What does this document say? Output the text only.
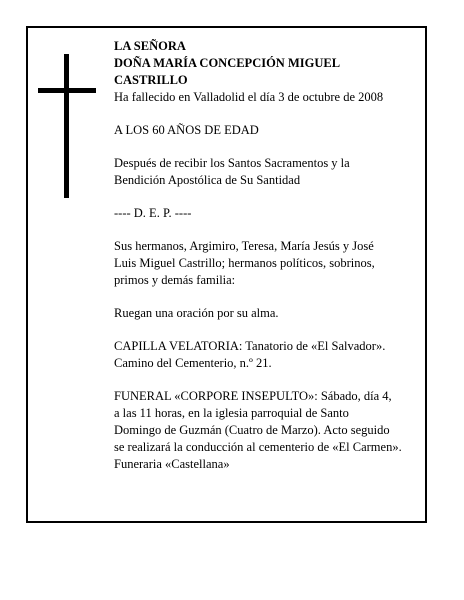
LA SEÑORA

DOÑA MARÍA CONCEPCIÓN MIGUEL

CASTRILLO

Ha fallecido en Valladolid el día 3 de octubre de 2008

A LOS 60 AÑOS DE EDAD

Después de recibir los Santos Sacramentos y la

Bendición Apostólica de Su Santidad

---- D. E. P. ----

Sus hermanos, Argimiro, Teresa, María Jesús y José

Luis Miguel Castrillo; hermanos políticos, sobrinos,

primos y demás familia:

Ruegan una oración por su alma.

CAPILLA VELATORIA: Tanatorio de «El Salvador».

Camino del Cementerio, n.º 21.

FUNERAL «CORPORE INSEPULTO»: Sábado, día 4,

a las 11 horas, en la iglesia parroquial de Santo

Domingo de Guzmán (Cuatro de Marzo). Acto seguido

se realizará la conducción al cementerio de «El Carmen».

Funeraria «Castellana»
